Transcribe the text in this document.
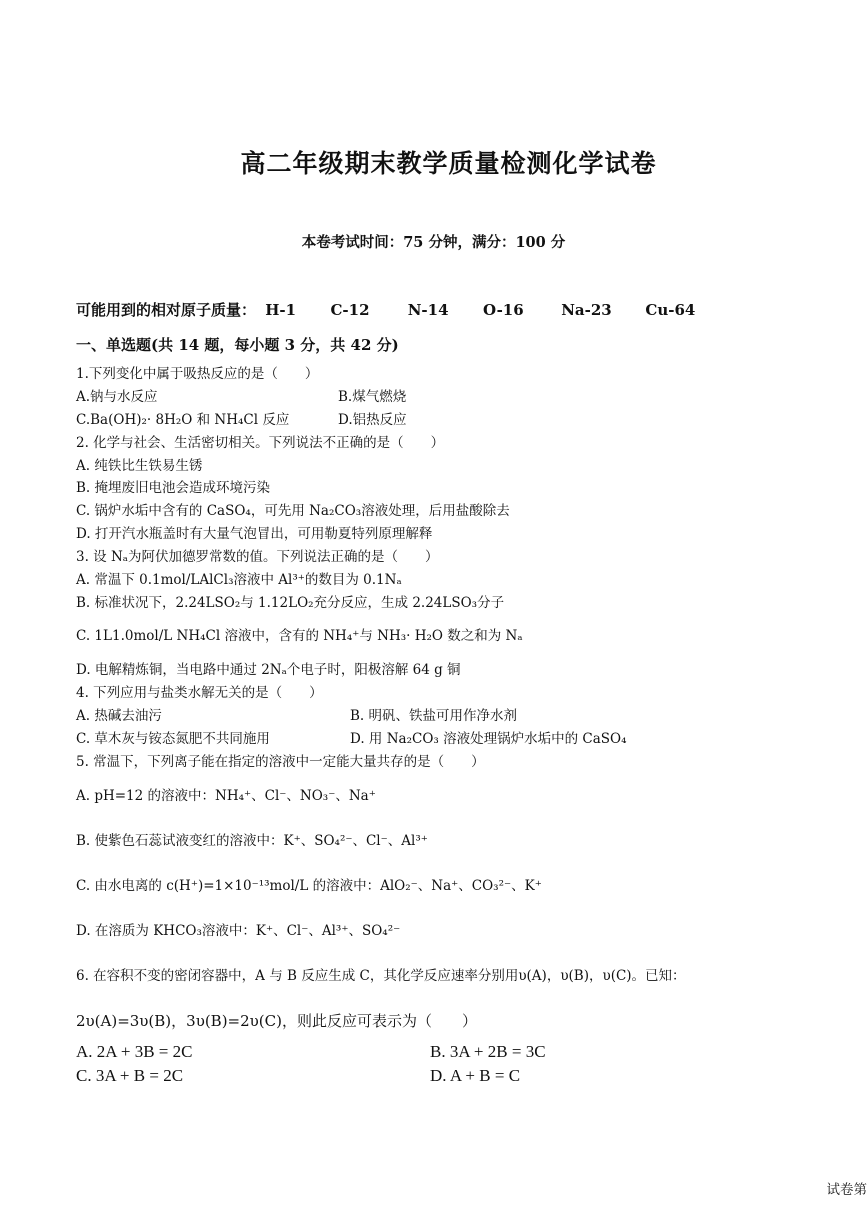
高二年级期末教学质量检测化学试卷
本卷考试时间：75 分钟，满分：100 分
可能用到的相对原子质量： H-1 C-12	N-14 O-16	Na-23 Cu-64
一、单选题(共 14 题，每小题 3 分，共 42 分)
1.下列变化中属于吸热反应的是（　　）
A.钠与水反应	B.煤气燃烧
C.Ba(OH)₂· 8H₂O 和 NH₄Cl 反应	D.铝热反应
2. 化学与社会、生活密切相关。下列说法不正确的是（　　）
A. 纯铁比生铁易生锈
B. 掩埋废旧电池会造成环境污染
C. 锅炉水垢中含有的 CaSO₄，可先用 Na₂CO₃溶液处理，后用盐酸除去
D. 打开汽水瓶盖时有大量气泡冒出，可用勒夏特列原理解释
3. 设 Nₐ为阿伏加德罗常数的值。下列说法正确的是（　　）
A. 常温下 0.1mol/LAlCl₃溶液中 Al³⁺的数目为 0.1Nₐ
B. 标准状况下，2.24LSO₂与 1.12LO₂充分反应，生成 2.24LSO₃分子
C. 1L1.0mol/L NH₄Cl 溶液中，含有的 NH₄⁺与 NH₃· H₂O 数之和为 Nₐ
D. 电解精炼铜，当电路中通过 2Nₐ个电子时，阳极溶解 64 g 铜
4. 下列应用与盐类水解无关的是（　　）
A. 热碱去油污	B. 明矾、铁盐可用作净水剂
C. 草木灰与铵态氮肥不共同施用	D. 用 Na₂CO₃ 溶液处理锅炉水垢中的 CaSO₄
5. 常温下，下列离子能在指定的溶液中一定能大量共存的是（　　）
A. pH=12 的溶液中：NH₄⁺、Cl⁻、NO₃⁻、Na⁺
B. 使紫色石蕊试液变红的溶液中：K⁺、SO₄²⁻、Cl⁻、Al³⁺
C. 由水电离的 c(H⁺)=1×10⁻¹³mol/L 的溶液中：AlO₂⁻、Na⁺、CO₃²⁻、K⁺
D. 在溶质为 KHCO₃溶液中：K⁺、Cl⁻、Al³⁺、SO₄²⁻
6. 在容积不变的密闭容器中，A 与 B 反应生成 C，其化学反应速率分别用υ(A)，υ(B)，υ(C)。已知：
2υ(A)=3υ(B)，3υ(B)=2υ(C)，则此反应可表示为（　　）
A. 2A + 3B = 2C	B. 3A + 2B = 3C
C. 3A + B = 2C	D. A + B = C
试卷第
